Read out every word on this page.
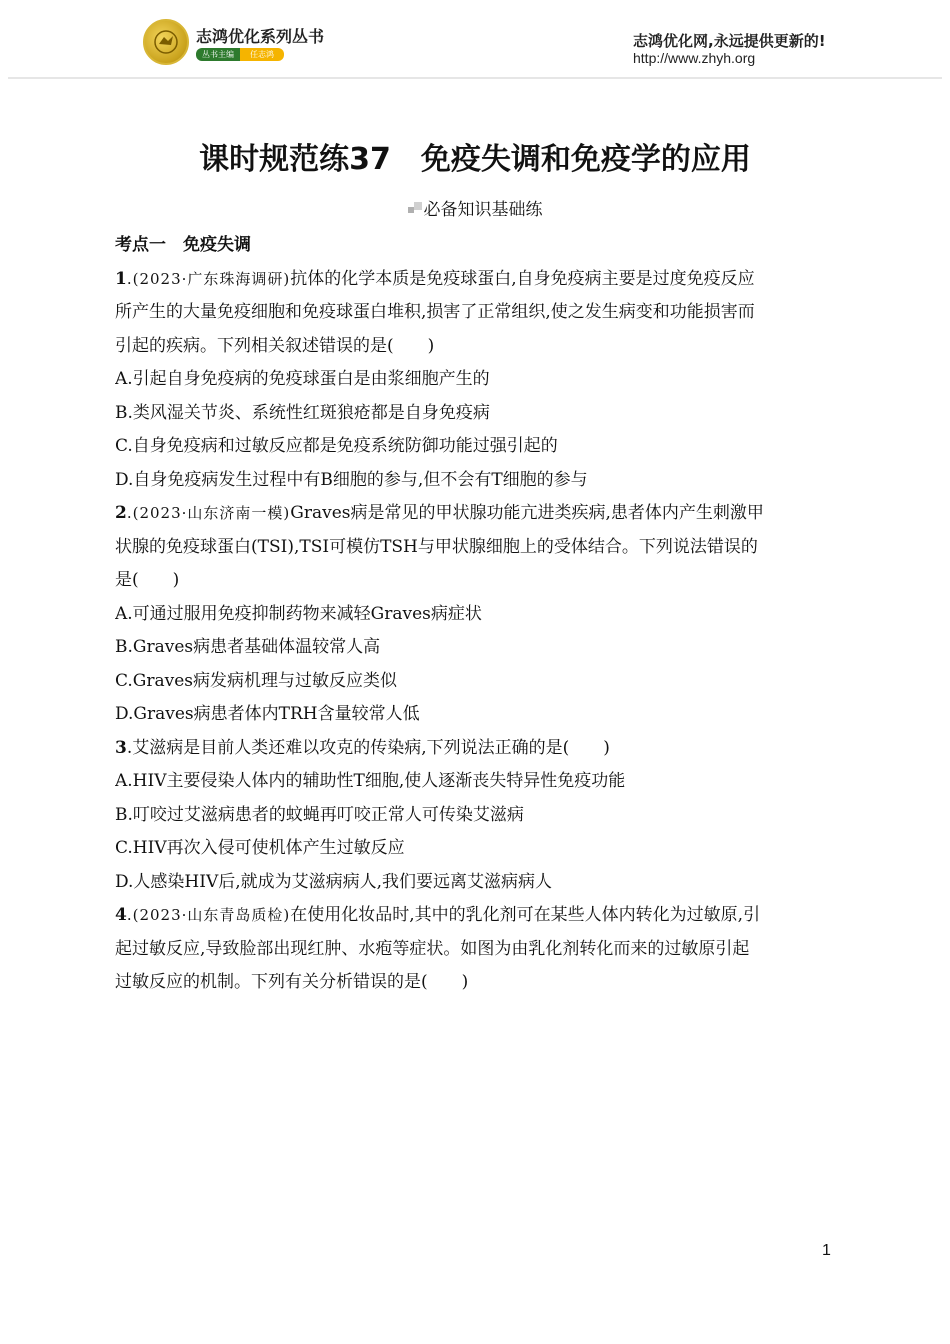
志鸿优化系列丛书
丛书主编	任志鸿
志鸿优化网,永远提供更新的!
http://www.zhyh.org
课时规范练37　免疫失调和免疫学的应用
必备知识基础练

考点一　免疫失调

1.(2023·广东珠海调研)抗体的化学本质是免疫球蛋白,自身免疫病主要是过度免疫反应

所产生的大量免疫细胞和免疫球蛋白堆积,损害了正常组织,使之发生病变和功能损害而

引起的疾病。下列相关叙述错误的是(　　)

A.引起自身免疫病的免疫球蛋白是由浆细胞产生的

B.类风湿关节炎、系统性红斑狼疮都是自身免疫病

C.自身免疫病和过敏反应都是免疫系统防御功能过强引起的

D.自身免疫病发生过程中有B细胞的参与,但不会有T细胞的参与

2.(2023·山东济南一模)Graves病是常见的甲状腺功能亢进类疾病,患者体内产生刺激甲

状腺的免疫球蛋白(TSI),TSI可模仿TSH与甲状腺细胞上的受体结合。下列说法错误的

是(　　)

A.可通过服用免疫抑制药物来减轻Graves病症状

B.Graves病患者基础体温较常人高

C.Graves病发病机理与过敏反应类似

D.Graves病患者体内TRH含量较常人低

3.艾滋病是目前人类还难以攻克的传染病,下列说法正确的是(　　)

A.HIV主要侵染人体内的辅助性T细胞,使人逐渐丧失特异性免疫功能

B.叮咬过艾滋病患者的蚊蝇再叮咬正常人可传染艾滋病

C.HIV再次入侵可使机体产生过敏反应

D.人感染HIV后,就成为艾滋病病人,我们要远离艾滋病病人

4.(2023·山东青岛质检)在使用化妆品时,其中的乳化剂可在某些人体内转化为过敏原,引

起过敏反应,导致脸部出现红肿、水疱等症状。如图为由乳化剂转化而来的过敏原引起

过敏反应的机制。下列有关分析错误的是(　　)

1
